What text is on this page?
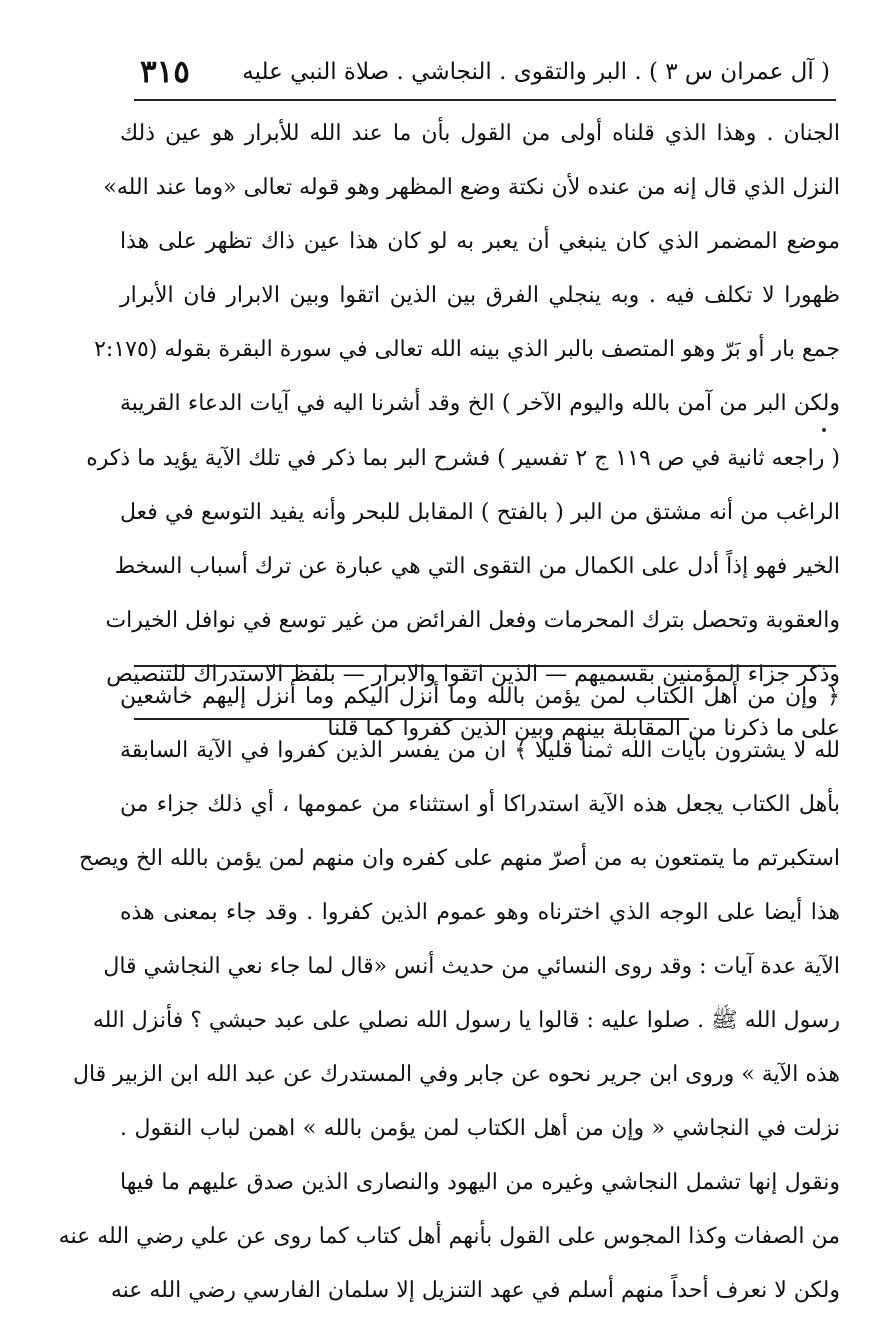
( آل عمران س ٣ ) . البر والتقوى . النجاشي . صلاة النبي عليه
٣١٥
الجنان . وهذا الذي قلناه أولى من القول بأن ما عند الله للأبرار هو عين ذلك
النزل الذي قال إنه من عنده لأن نكتة وضع المظهر وهو قوله تعالى «وما عند الله»
موضع المضمر الذي كان ينبغي أن يعبر به لو كان هذا عين ذاك تظهر على هذا
ظهورا لا تكلف فيه . وبه ينجلي الفرق بين الذين اتقوا وبين الابرار فان الأبرار
جمع بار أو بَرّ وهو المتصف بالبر الذي بينه الله تعالى في سورة البقرة بقوله (٢:١٧٥
ولكن البر من آمن بالله واليوم الآخر ) الخ وقد أشرنا اليه في آيات الدعاء القريبة
( راجعه ثانية في ص ١١٩ ج ٢ تفسير ) فشرح البر بما ذكر في تلك الآية يؤيد ما ذكره
الراغب من أنه مشتق من البر ( بالفتح ) المقابل للبحر وأنه يفيد التوسع في فعل
الخير فهو إذاً أدل على الكمال من التقوى التي هي عبارة عن ترك أسباب السخط
والعقوبة وتحصل بترك المحرمات وفعل الفرائض من غير توسع في نوافل الخيرات
وذكر جزاء المؤمنين بقسميهم — الذين اتقوا والابرار — بلفظ الاستدراك للتنصيص
على ما ذكرنا من المقابلة بينهم وبين الذين كفروا كما قلنا
﴿ وإن من أهل الكتاب لمن يؤمن بالله وما أنزل اليكم وما أنزل إليهم خاشعين
لله لا يشترون بآيات الله ثمنا قليلا ﴾ ان من يفسر الذين كفروا في الآية السابقة
بأهل الكتاب يجعل هذه الآية استدراكا أو استثناء من عمومها ، أي ذلك جزاء من
استكبرتم ما يتمتعون به من أصرّ منهم على كفره وان منهم لمن يؤمن بالله الخ ويصح
هذا أيضا على الوجه الذي اخترناه وهو عموم الذين كفروا . وقد جاء بمعنى هذه
الآية عدة آيات : وقد روى النسائي من حديث أنس «قال لما جاء نعي النجاشي قال
رسول الله ﷺ . صلوا عليه : قالوا يا رسول الله نصلي على عبد حبشي ؟ فأنزل الله
هذه الآية » وروى ابن جرير نحوه عن جابر وفي المستدرك عن عبد الله ابن الزبير قال
نزلت في النجاشي « وإن من أهل الكتاب لمن يؤمن بالله » اهمن لباب النقول .
ونقول إنها تشمل النجاشي وغيره من اليهود والنصارى الذين صدق عليهم ما فيها
من الصفات وكذا المجوس على القول بأنهم أهل كتاب كما روى عن علي رضي الله عنه
ولكن لا نعرف أحداً منهم أسلم في عهد التنزيل إلا سلمان الفارسي رضي الله عنه
